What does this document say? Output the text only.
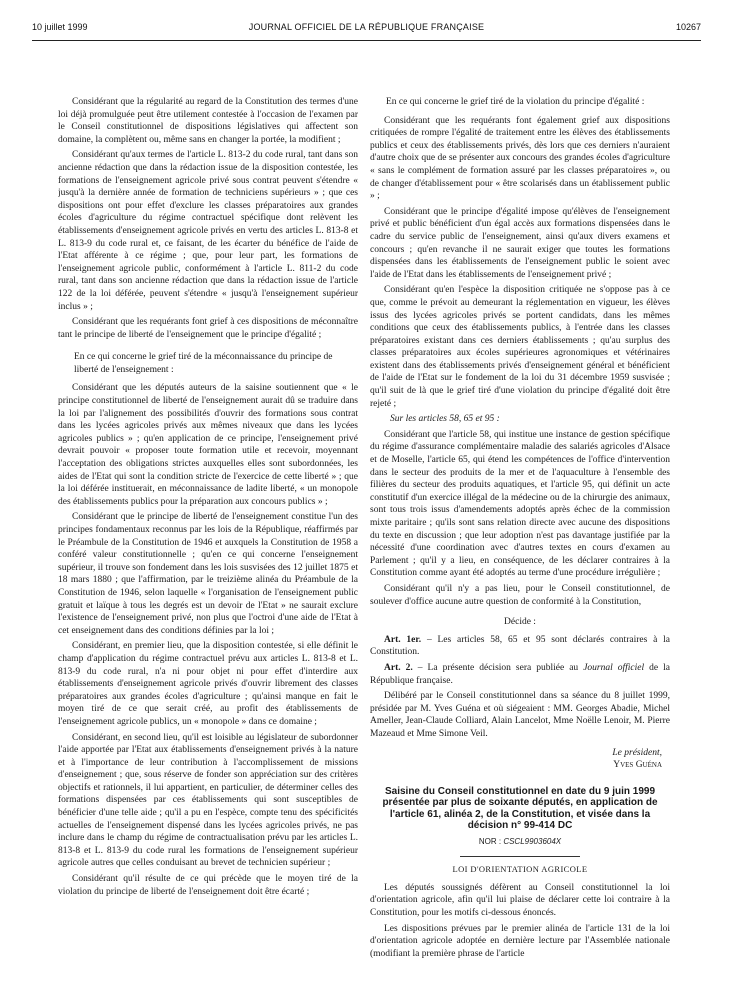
10 juillet 1999	JOURNAL OFFICIEL DE LA RÉPUBLIQUE FRANÇAISE	10267

Considérant que la régularité au regard de la Constitution des termes d'une loi déjà promulguée peut être utilement contestée à l'occasion de l'examen par le Conseil constitutionnel de dispositions législatives qui affectent son domaine, la complètent ou, même sans en changer la portée, la modifient ;

Considérant qu'aux termes de l'article L. 813-2 du code rural, tant dans son ancienne rédaction que dans la rédaction issue de la disposition contestée, les formations de l'enseignement agricole privé sous contrat peuvent s'étendre « jusqu'à la dernière année de formation de techniciens supérieurs » ; que ces dispositions ont pour effet d'exclure les classes préparatoires aux grandes écoles d'agriculture du régime contractuel spécifique dont relèvent les établissements d'enseignement agricole privés en vertu des articles L. 813-8 et L. 813-9 du code rural et, ce faisant, de les écarter du bénéfice de l'aide de l'Etat afférente à ce régime ; que, pour leur part, les formations de l'enseignement agricole public, conformément à l'article L. 811-2 du code rural, tant dans son ancienne rédaction que dans la rédaction issue de l'article 122 de la loi déférée, peuvent s'étendre « jusqu'à l'enseignement supérieur inclus » ;

Considérant que les requérants font grief à ces dispositions de méconnaître tant le principe de liberté de l'enseignement que le principe d'égalité ;

En ce qui concerne le grief tiré de la méconnaissance du principe de liberté de l'enseignement :

Considérant que les députés auteurs de la saisine soutiennent que « le principe constitutionnel de liberté de l'enseignement aurait dû se traduire dans la loi par l'alignement des possibilités d'ouvrir des formations sous contrat dans les lycées agricoles privés aux mêmes niveaux que dans les lycées agricoles publics » ; qu'en application de ce principe, l'enseignement privé devrait pouvoir « proposer toute formation utile et recevoir, moyennant l'acceptation des obligations strictes auxquelles elles sont subordonnées, les aides de l'Etat qui sont la condition stricte de l'exercice de cette liberté » ; que la loi déférée instituerait, en méconnaissance de ladite liberté, « un monopole des établissements publics pour la préparation aux concours publics » ;

Considérant que le principe de liberté de l'enseignement constitue l'un des principes fondamentaux reconnus par les lois de la République, réaffirmés par le Préambule de la Constitution de 1946 et auxquels la Constitution de 1958 a conféré valeur constitutionnelle ; qu'en ce qui concerne l'enseignement supérieur, il trouve son fondement dans les lois susvisées des 12 juillet 1875 et 18 mars 1880 ; que l'affirmation, par le treizième alinéa du Préambule de la Constitution de 1946, selon laquelle « l'organisation de l'enseignement public gratuit et laïque à tous les degrés est un devoir de l'Etat » ne saurait exclure l'existence de l'enseignement privé, non plus que l'octroi d'une aide de l'Etat à cet enseignement dans des conditions définies par la loi ;

Considérant, en premier lieu, que la disposition contestée, si elle définit le champ d'application du régime contractuel prévu aux articles L. 813-8 et L. 813-9 du code rural, n'a ni pour objet ni pour effet d'interdire aux établissements d'enseignement agricole privés d'ouvrir librement des classes préparatoires aux grandes écoles d'agriculture ; qu'ainsi manque en fait le moyen tiré de ce que serait créé, au profit des établissements de l'enseignement agricole publics, un « monopole » dans ce domaine ;

Considérant, en second lieu, qu'il est loisible au législateur de subordonner l'aide apportée par l'Etat aux établissements d'enseignement privés à la nature et à l'importance de leur contribution à l'accomplissement de missions d'enseignement ; que, sous réserve de fonder son appréciation sur des critères objectifs et rationnels, il lui appartient, en particulier, de déterminer celles des formations dispensées par ces établissements qui sont susceptibles de bénéficier d'une telle aide ; qu'il a pu en l'espèce, compte tenu des spécificités actuelles de l'enseignement dispensé dans les lycées agricoles privés, ne pas inclure dans le champ du régime de contractualisation prévu par les articles L. 813-8 et L. 813-9 du code rural les formations de l'enseignement supérieur agricole autres que celles conduisant au brevet de technicien supérieur ;

Considérant qu'il résulte de ce qui précède que le moyen tiré de la violation du principe de liberté de l'enseignement doit être écarté ;

En ce qui concerne le grief tiré de la violation du principe d'égalité :

Considérant que les requérants font également grief aux dispositions critiquées de rompre l'égalité de traitement entre les élèves des établissements publics et ceux des établissements privés, dès lors que ces derniers n'auraient d'autre choix que de se présenter aux concours des grandes écoles d'agriculture « sans le complément de formation assuré par les classes préparatoires », ou de changer d'établissement pour « être scolarisés dans un établissement public » ;

Considérant que le principe d'égalité impose qu'élèves de l'enseignement privé et public bénéficient d'un égal accès aux formations dispensées dans le cadre du service public de l'enseignement, ainsi qu'aux divers examens et concours ; qu'en revanche il ne saurait exiger que toutes les formations dispensées dans les établissements de l'enseignement public le soient avec l'aide de l'Etat dans les établissements de l'enseignement privé ;

Considérant qu'en l'espèce la disposition critiquée ne s'oppose pas à ce que, comme le prévoit au demeurant la réglementation en vigueur, les élèves issus des lycées agricoles privés se portent candidats, dans les mêmes conditions que ceux des établissements publics, à l'entrée dans les classes préparatoires existant dans ces derniers établissements ; qu'au surplus des classes préparatoires aux écoles supérieures agronomiques et vétérinaires existent dans des établissements privés d'enseignement général et bénéficient de l'aide de l'Etat sur le fondement de la loi du 31 décembre 1959 susvisée ; qu'il suit de là que le grief tiré d'une violation du principe d'égalité doit être rejeté ;

Sur les articles 58, 65 et 95 :

Considérant que l'article 58, qui institue une instance de gestion spécifique du régime d'assurance complémentaire maladie des salariés agricoles d'Alsace et de Moselle, l'article 65, qui étend les compétences de l'office d'intervention dans le secteur des produits de la mer et de l'aquaculture à l'ensemble des filières du secteur des produits aquatiques, et l'article 95, qui définit un acte constitutif d'un exercice illégal de la médecine ou de la chirurgie des animaux, sont tous trois issus d'amendements adoptés après échec de la commission mixte paritaire ; qu'ils sont sans relation directe avec aucune des dispositions du texte en discussion ; que leur adoption n'est pas davantage justifiée par la nécessité d'une coordination avec d'autres textes en cours d'examen au Parlement ; qu'il y a lieu, en conséquence, de les déclarer contraires à la Constitution comme ayant été adoptés au terme d'une procédure irrégulière ;

Considérant qu'il n'y a pas lieu, pour le Conseil constitutionnel, de soulever d'office aucune autre question de conformité à la Constitution,

Décide :

Art. 1er. – Les articles 58, 65 et 95 sont déclarés contraires à la Constitution.

Art. 2. – La présente décision sera publiée au Journal officiel de la République française.

Délibéré par le Conseil constitutionnel dans sa séance du 8 juillet 1999, présidée par M. Yves Guéna et où siégeaient : MM. Georges Abadie, Michel Ameller, Jean-Claude Colliard, Alain Lancelot, Mme Noëlle Lenoir, M. Pierre Mazeaud et Mme Simone Veil.

Le président,
Yves Guéna

Saisine du Conseil constitutionnel en date du 9 juin 1999 présentée par plus de soixante députés, en application de l'article 61, alinéa 2, de la Constitution, et visée dans la décision n° 99-414 DC

NOR : CSCL9903604X

LOI D'ORIENTATION AGRICOLE

Les députés soussignés défèrent au Conseil constitutionnel la loi d'orientation agricole, afin qu'il lui plaise de déclarer cette loi contraire à la Constitution, pour les motifs ci-dessous énoncés.

Les dispositions prévues par le premier alinéa de l'article 131 de la loi d'orientation agricole adoptée en dernière lecture par l'Assemblée nationale (modifiant la première phrase de l'article
